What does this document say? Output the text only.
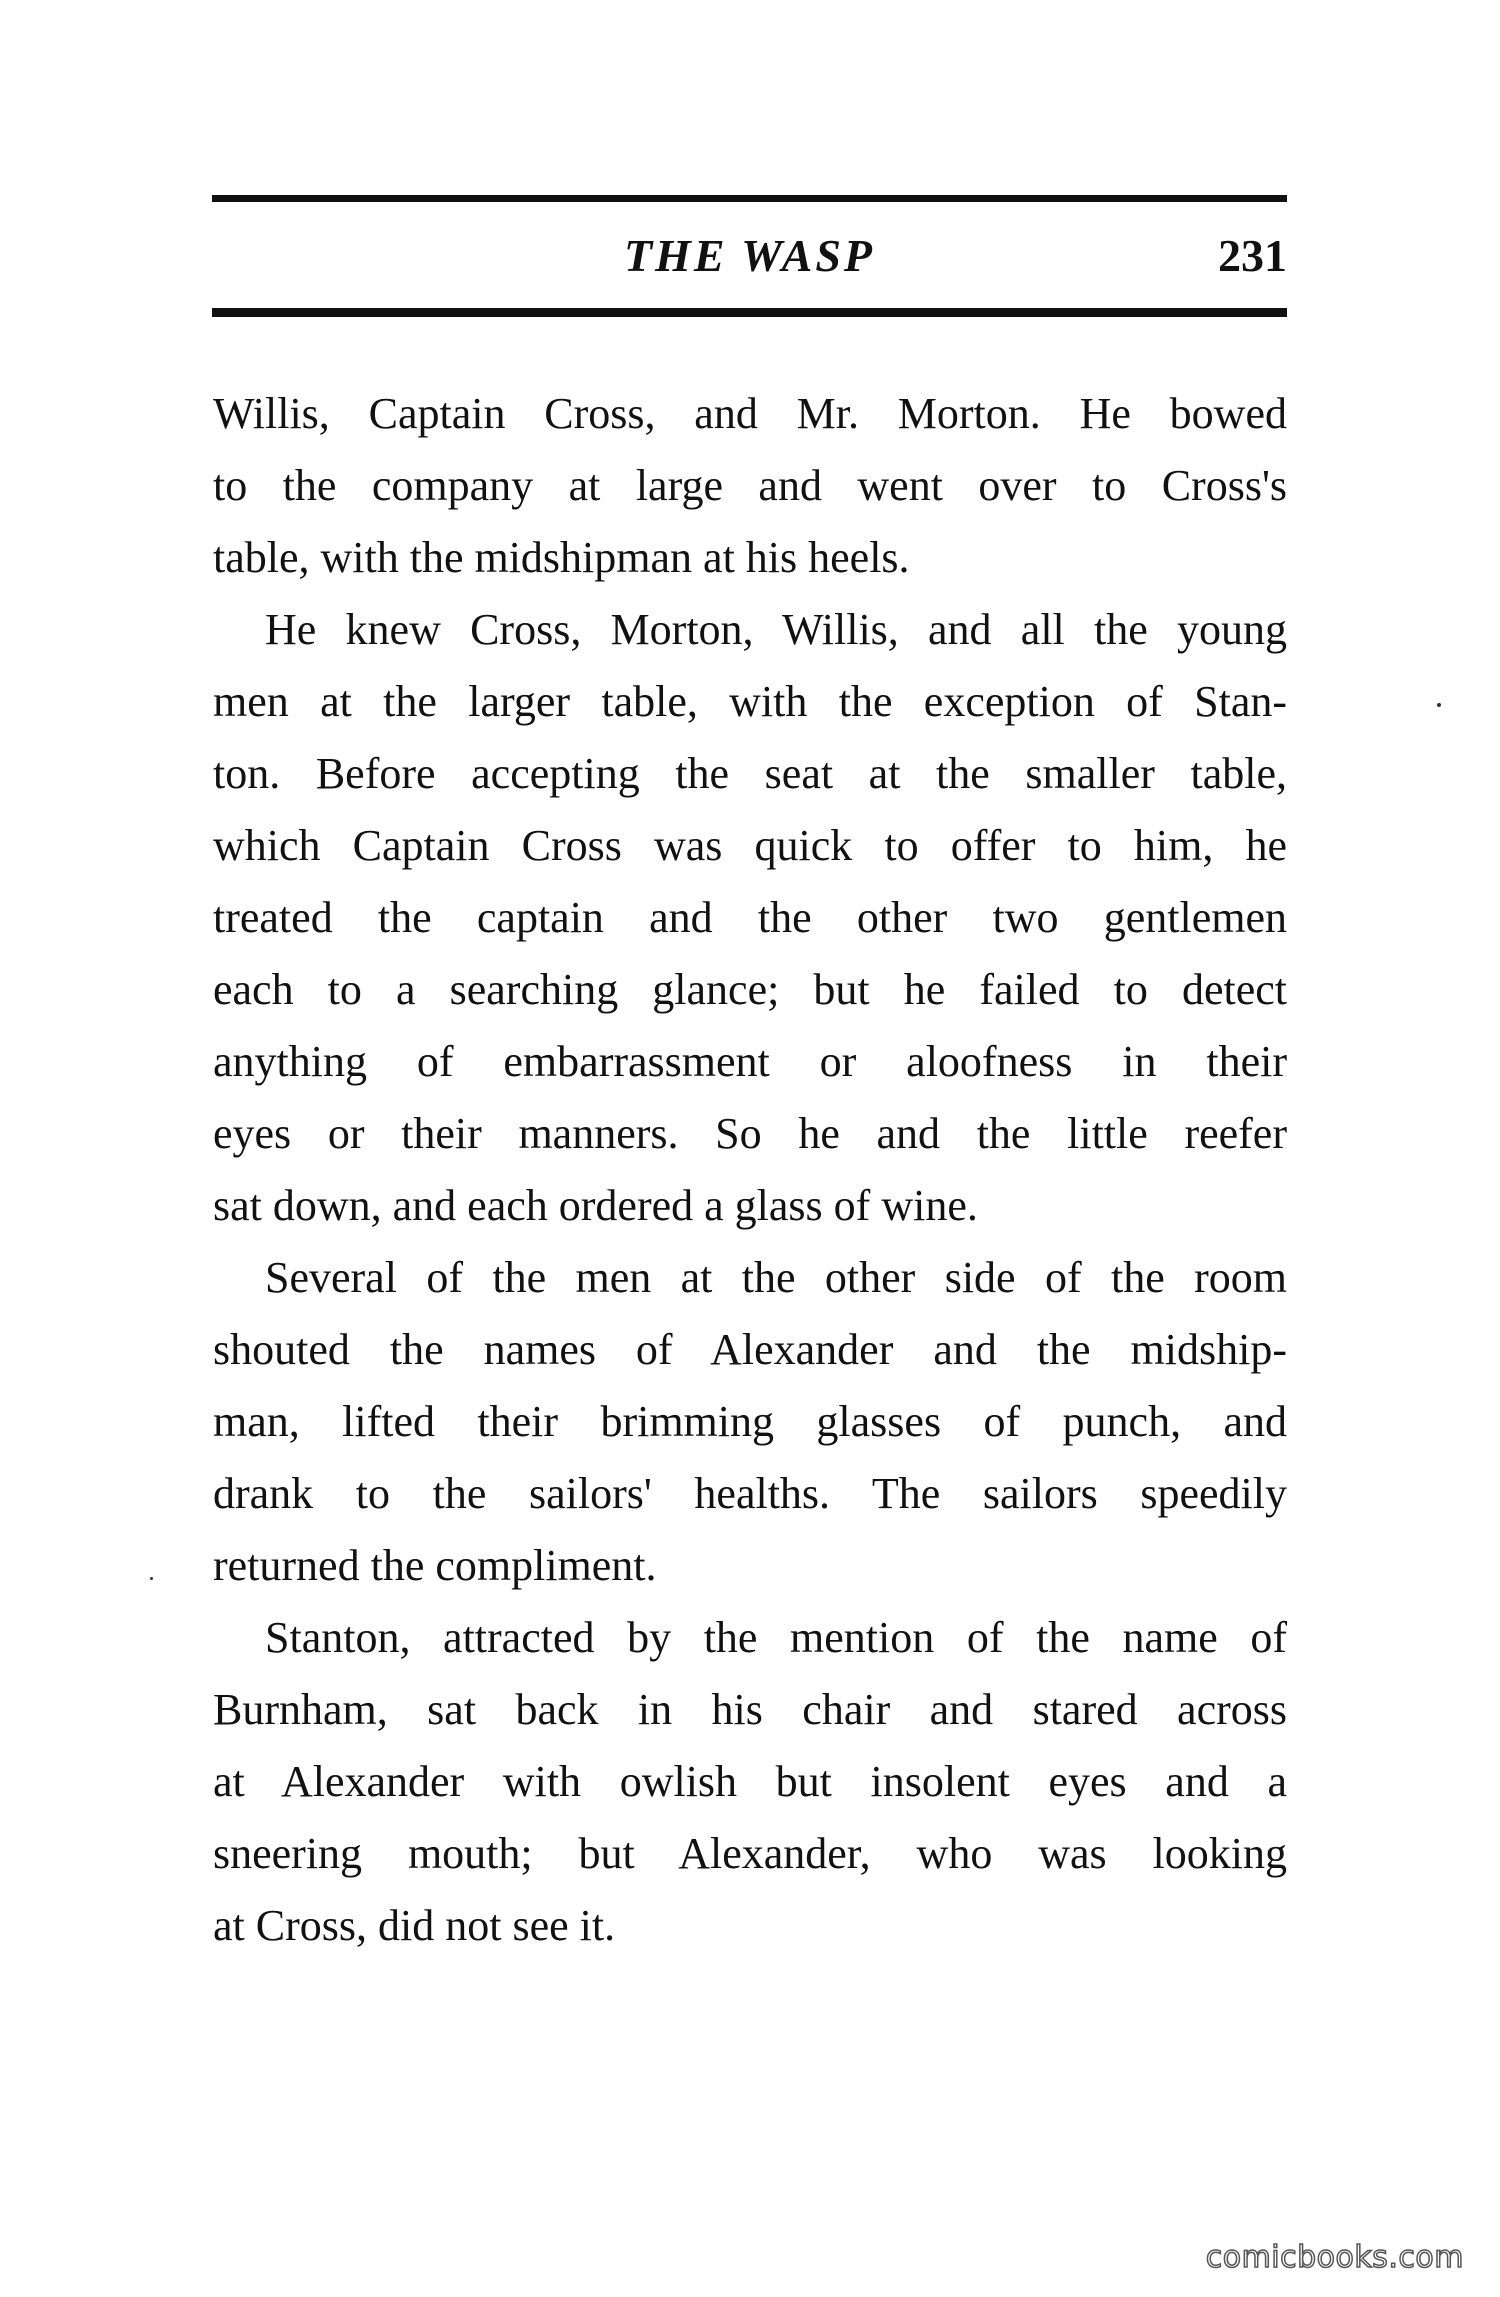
THE WASP	231

Willis, Captain Cross, and Mr. Morton. He bowed
to the company at large and went over to Cross's
table, with the midshipman at his heels.

He knew Cross, Morton, Willis, and all the young
men at the larger table, with the exception of Stan-
ton. Before accepting the seat at the smaller table,
which Captain Cross was quick to offer to him, he
treated the captain and the other two gentlemen
each to a searching glance; but he failed to detect
anything of embarrassment or aloofness in their
eyes or their manners. So he and the little reefer
sat down, and each ordered a glass of wine.

Several of the men at the other side of the room
shouted the names of Alexander and the midship-
man, lifted their brimming glasses of punch, and
drank to the sailors' healths. The sailors speedily
returned the compliment.

Stanton, attracted by the mention of the name of
Burnham, sat back in his chair and stared across
at Alexander with owlish but insolent eyes and a
sneering mouth; but Alexander, who was looking
at Cross, did not see it.

comicbooks.com
